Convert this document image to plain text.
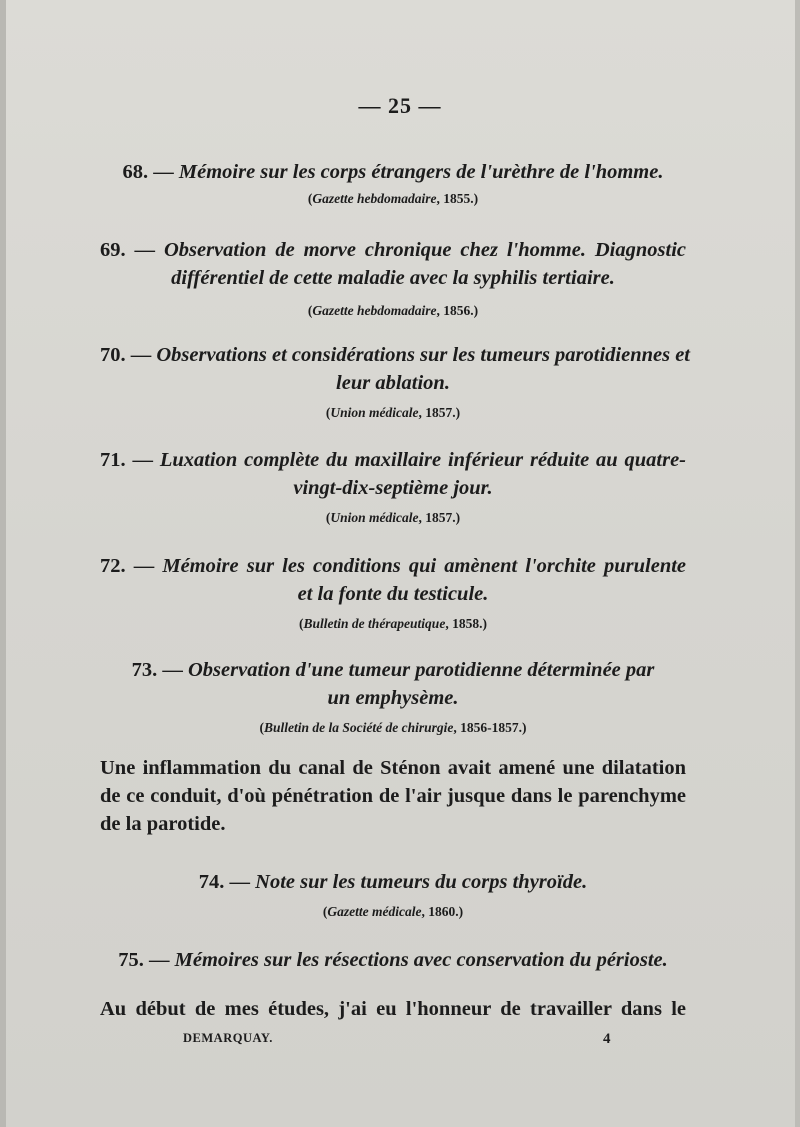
— 25 —
68. — Mémoire sur les corps étrangers de l'urèthre de l'homme.
(Gazette hebdomadaire, 1855.)
69. — Observation de morve chronique chez l'homme. Diagnostic
différentiel de cette maladie avec la syphilis tertiaire.
(Gazette hebdomadaire, 1856.)
70. — Observations et considérations sur les tumeurs parotidiennes et
leur ablation.
(Union médicale, 1857.)
71. — Luxation complète du maxillaire inférieur réduite au quatre-
vingt-dix-septième jour.
(Union médicale, 1857.)
72. — Mémoire sur les conditions qui amènent l'orchite purulente
et la fonte du testicule.
(Bulletin de thérapeutique, 1858.)
73. — Observation d'une tumeur parotidienne déterminée par
un emphysème.
(Bulletin de la Société de chirurgie, 1856-1857.)
Une inflammation du canal de Sténon avait amené une dilatation
de ce conduit, d'où pénétration de l'air jusque dans le parenchyme
de la parotide.
74. — Note sur les tumeurs du corps thyroïde.
(Gazette médicale, 1860.)
75. — Mémoires sur les résections avec conservation du périoste.
Au début de mes études, j'ai eu l'honneur de travailler dans le
DEMARQUAY.	4
